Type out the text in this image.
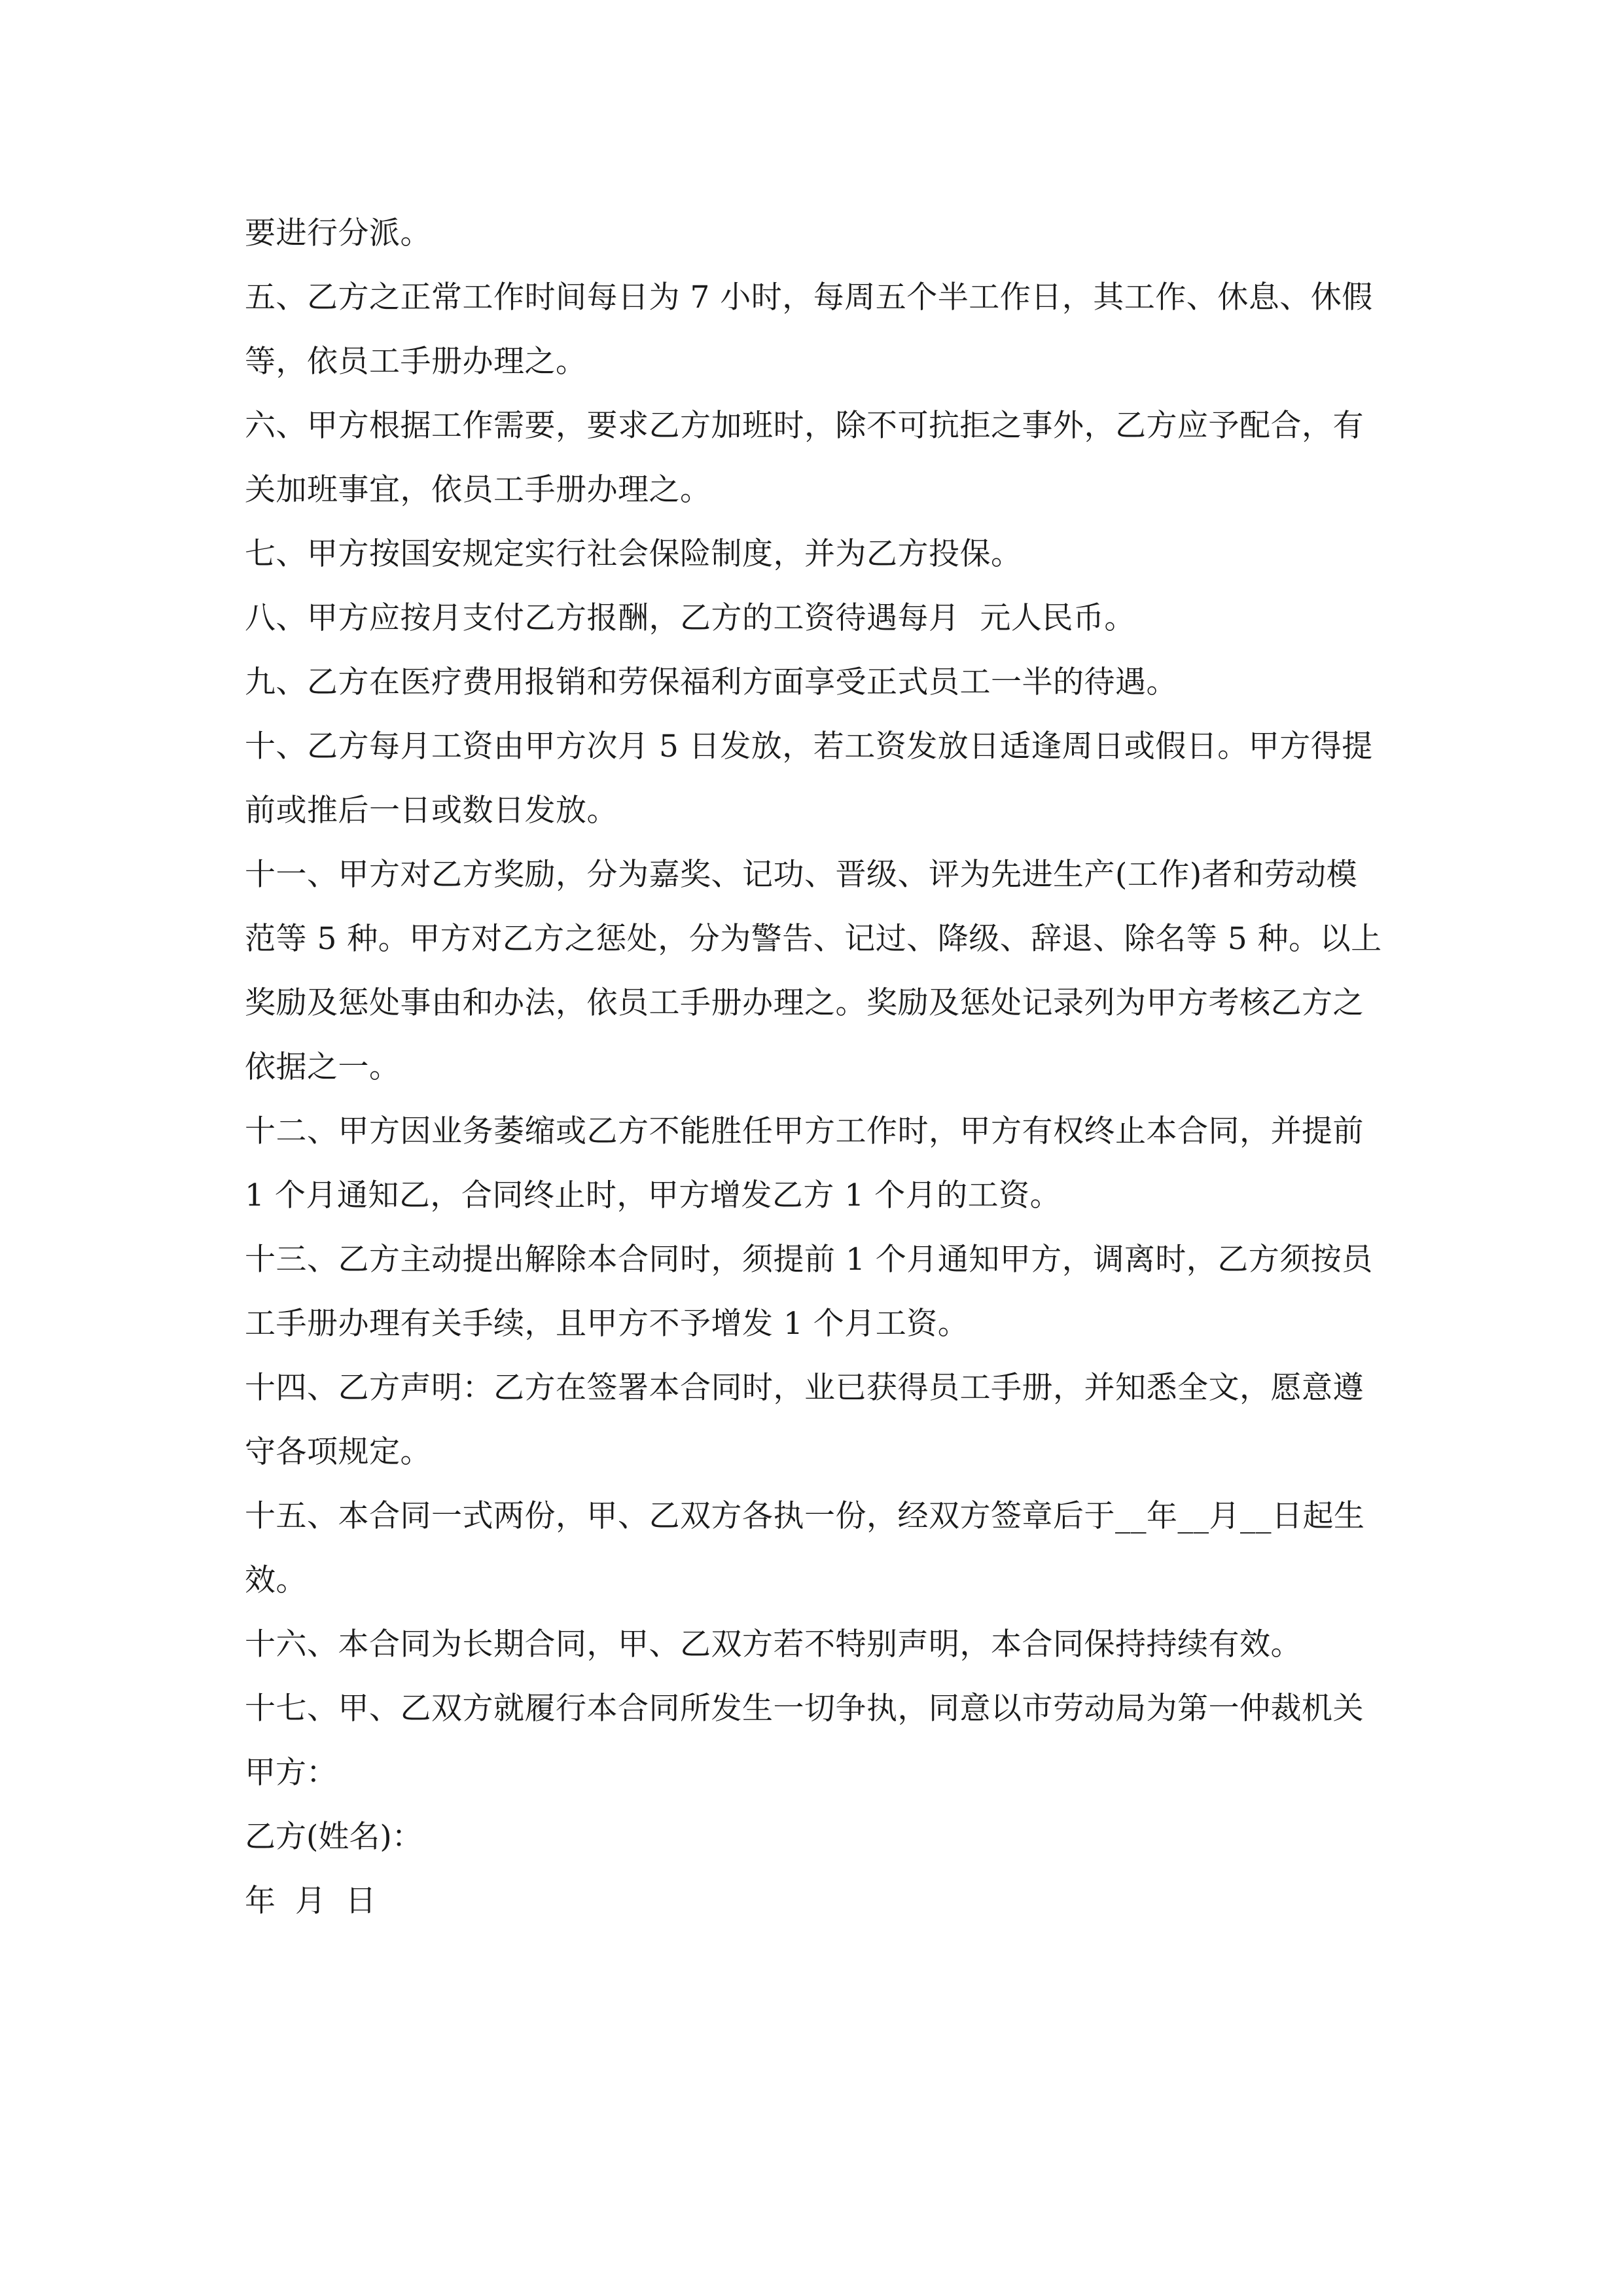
要进行分派。

五、乙方之正常工作时间每日为 7 小时，每周五个半工作日，其工作、休息、休假等，依员工手册办理之。

六、甲方根据工作需要，要求乙方加班时，除不可抗拒之事外，乙方应予配合，有关加班事宜，依员工手册办理之。

七、甲方按国安规定实行社会保险制度，并为乙方投保。

八、甲方应按月支付乙方报酬，乙方的工资待遇每月  元人民币。

九、乙方在医疗费用报销和劳保福利方面享受正式员工一半的待遇。

十、乙方每月工资由甲方次月 5 日发放，若工资发放日适逢周日或假日。甲方得提前或推后一日或数日发放。

十一、甲方对乙方奖励，分为嘉奖、记功、晋级、评为先进生产(工作)者和劳动模范等 5 种。甲方对乙方之惩处，分为警告、记过、降级、辞退、除名等 5 种。以上奖励及惩处事由和办法，依员工手册办理之。奖励及惩处记录列为甲方考核乙方之依据之一。

十二、甲方因业务萎缩或乙方不能胜任甲方工作时，甲方有权终止本合同，并提前 1 个月通知乙，合同终止时，甲方增发乙方 1 个月的工资。

十三、乙方主动提出解除本合同时，须提前 1 个月通知甲方，调离时，乙方须按员工手册办理有关手续，且甲方不予增发 1 个月工资。

十四、乙方声明：乙方在签署本合同时，业已获得员工手册，并知悉全文，愿意遵守各项规定。

十五、本合同一式两份，甲、乙双方各执一份，经双方签章后于__年__月__日起生效。

十六、本合同为长期合同，甲、乙双方若不特别声明，本合同保持持续有效。

十七、甲、乙双方就履行本合同所发生一切争执，同意以市劳动局为第一仲裁机关

甲方：

乙方(姓名)：

年  月  日
